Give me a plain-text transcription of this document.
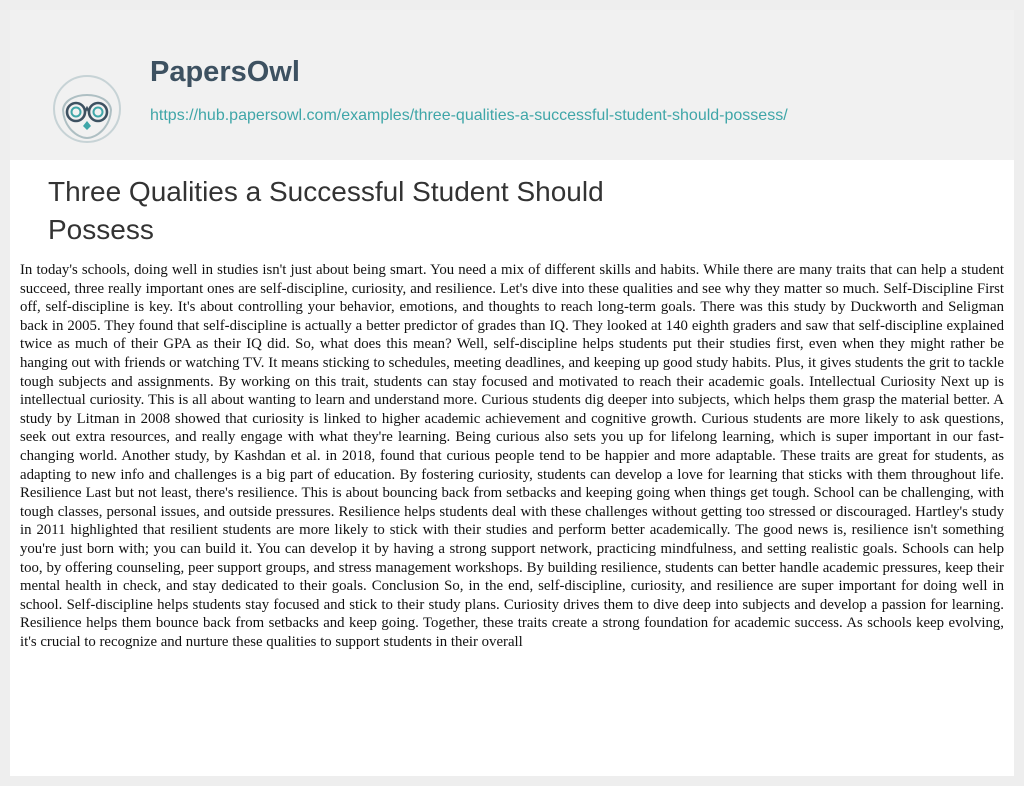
PapersOwl
https://hub.papersowl.com/examples/three-qualities-a-successful-student-should-possess/
Three Qualities a Successful Student Should Possess

In today's schools, doing well in studies isn't just about being smart. You need a mix of different skills and habits. While there are many traits that can help a student succeed, three really important ones are self-discipline, curiosity, and resilience. Let's dive into these qualities and see why they matter so much. Self-Discipline First off, self-discipline is key. It's about controlling your behavior, emotions, and thoughts to reach long-term goals. There was this study by Duckworth and Seligman back in 2005. They found that self-discipline is actually a better predictor of grades than IQ. They looked at 140 eighth graders and saw that self-discipline explained twice as much of their GPA as their IQ did. So, what does this mean? Well, self-discipline helps students put their studies first, even when they might rather be hanging out with friends or watching TV. It means sticking to schedules, meeting deadlines, and keeping up good study habits. Plus, it gives students the grit to tackle tough subjects and assignments. By working on this trait, students can stay focused and motivated to reach their academic goals. Intellectual Curiosity Next up is intellectual curiosity. This is all about wanting to learn and understand more. Curious students dig deeper into subjects, which helps them grasp the material better. A study by Litman in 2008 showed that curiosity is linked to higher academic achievement and cognitive growth. Curious students are more likely to ask questions, seek out extra resources, and really engage with what they're learning. Being curious also sets you up for lifelong learning, which is super important in our fast-changing world. Another study, by Kashdan et al. in 2018, found that curious people tend to be happier and more adaptable. These traits are great for students, as adapting to new info and challenges is a big part of education. By fostering curiosity, students can develop a love for learning that sticks with them throughout life. Resilience Last but not least, there's resilience. This is about bouncing back from setbacks and keeping going when things get tough. School can be challenging, with tough classes, personal issues, and outside pressures. Resilience helps students deal with these challenges without getting too stressed or discouraged. Hartley's study in 2011 highlighted that resilient students are more likely to stick with their studies and perform better academically. The good news is, resilience isn't something you're just born with; you can build it. You can develop it by having a strong support network, practicing mindfulness, and setting realistic goals. Schools can help too, by offering counseling, peer support groups, and stress management workshops. By building resilience, students can better handle academic pressures, keep their mental health in check, and stay dedicated to their goals. Conclusion So, in the end, self-discipline, curiosity, and resilience are super important for doing well in school. Self-discipline helps students stay focused and stick to their study plans. Curiosity drives them to dive deep into subjects and develop a passion for learning. Resilience helps them bounce back from setbacks and keep going. Together, these traits create a strong foundation for academic success. As schools keep evolving, it's crucial to recognize and nurture these qualities to support students in their overall
